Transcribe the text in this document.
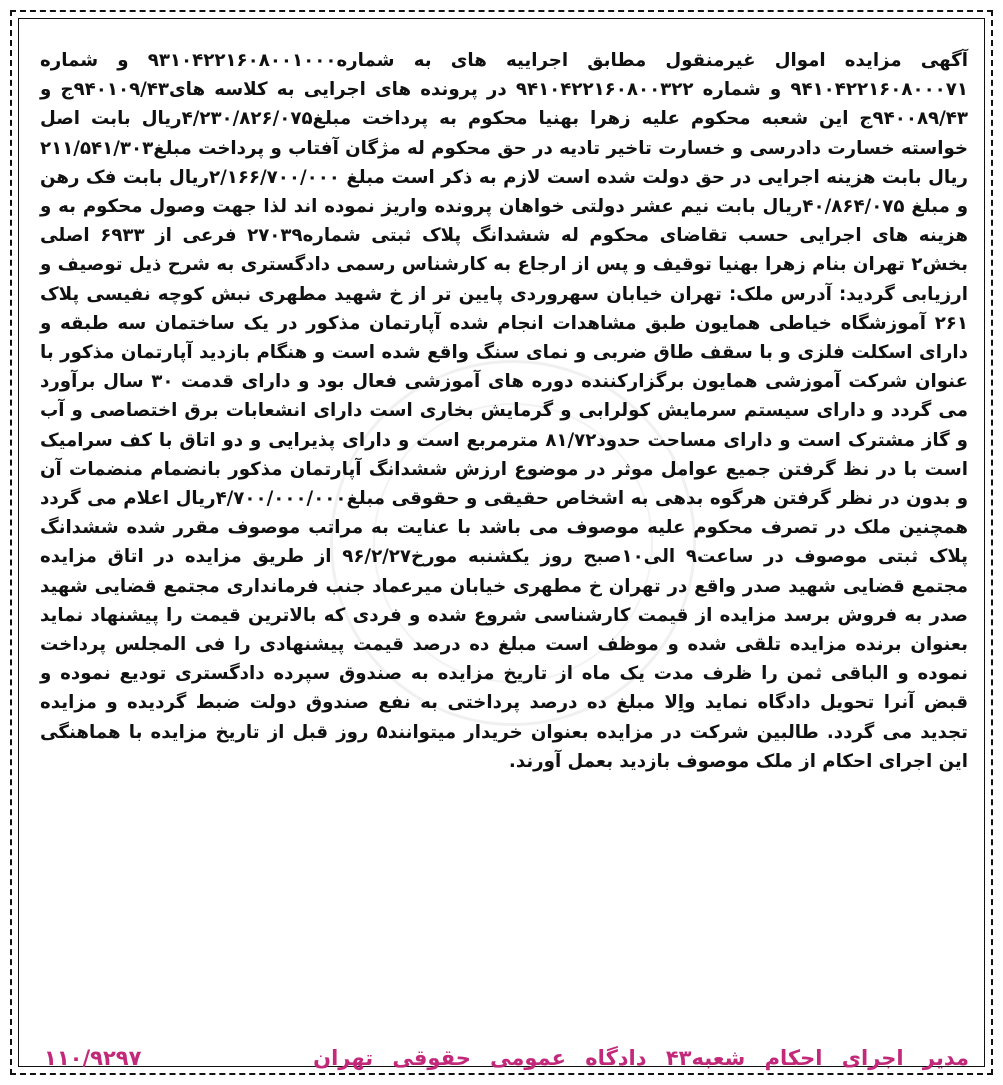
آگهی مزایده اموال غیرمنقول مطابق اجراییه های به شماره۹۳۱۰۴۲۲۱۶۰۸۰۰۱۰۰۰ و شماره ۹۴۱۰۴۲۲۱۶۰۸۰۰۰۷۱ و شماره ۹۴۱۰۴۲۲۱۶۰۸۰۰۳۲۲ در پرونده های اجرایی به کلاسه های۹۴۰۱۰۹/۴۳ج و ۹۴۰۰۸۹/۴۳ج این شعبه محکوم علیه زهرا بهنیا محکوم به پرداخت مبلغ۴/۲۳۰/۸۲۶/۰۷۵ریال بابت اصل خواسته خسارت دادرسی و خسارت تاخیر تادیه در حق محکوم له مژگان آفتاب و پرداخت مبلغ۲۱۱/۵۴۱/۳۰۳ ریال بابت هزینه اجرایی در حق دولت شده است لازم به ذکر است مبلغ ۲/۱۶۶/۷۰۰/۰۰۰ریال بابت فک رهن و مبلغ ۴۰/۸۶۴/۰۷۵ریال بابت نیم عشر دولتی خواهان پرونده واریز نموده اند لذا جهت وصول محکوم به و هزینه های اجرایی حسب تقاضای محکوم له ششدانگ پلاک ثبتی شماره۲۷۰۳۹ فرعی از ۶۹۳۳ اصلی بخش۲ تهران بنام زهرا بهنیا توقیف و پس از ارجاع به کارشناس رسمی دادگستری به شرح ذیل توصیف و ارزیابی گردید: آدرس ملک: تهران خیابان سهروردی پایین تر از خ شهید مطهری نبش کوچه نفیسی پلاک ۲۶۱ آموزشگاه خیاطی همایون طبق مشاهدات انجام شده آپارتمان مذکور در یک ساختمان سه طبقه و دارای اسکلت فلزی و با سقف طاق ضربی و نمای سنگ واقع شده است و هنگام بازدید آپارتمان مذکور با عنوان شرکت آموزشی همایون برگزارکننده دوره های آموزشی فعال بود و دارای قدمت ۳۰ سال برآورد می گردد و دارای سیستم سرمایش کولرابی و گرمایش بخاری است دارای انشعابات برق اختصاصی و آب و گاز مشترک است و دارای مساحت حدود۸۱/۷۲ مترمربع است و دارای پذیرایی و دو اتاق با کف سرامیک است با در نظ گرفتن جمیع عوامل موثر در موضوع ارزش ششدانگ آپارتمان مذکور بانضمام منضمات آن و بدون در نظر گرفتن هرگوه بدهی به اشخاص حقیقی و حقوقی مبلغ۴/۷۰۰/۰۰۰/۰۰۰ریال اعلام می گردد همچنین ملک در تصرف محکوم علیه موصوف می باشد با عنایت به مراتب موصوف مقرر شده ششدانگ پلاک ثبتی موصوف در ساعت۹ الی۱۰صبح روز یکشنبه مورخ۹۶/۲/۲۷ از طریق مزایده در اتاق مزایده مجتمع قضایی شهید صدر واقع در تهران خ مطهری خیابان میرعماد جنب فرمانداری مجتمع قضایی شهید صدر به فروش برسد مزایده از قیمت کارشناسی شروع شده و فردی که بالاترین قیمت را پیشنهاد نماید بعنوان برنده مزایده تلقی شده و موظف است مبلغ ده درصد قیمت پیشنهادی را فی المجلس پرداخت نموده و الباقی ثمن را ظرف مدت یک ماه از تاریخ مزایده به صندوق سپرده دادگستری تودیع نموده و قبض آنرا تحویل دادگاه نماید واِلا مبلغ ده درصد پرداختی به نفع صندوق دولت ضبط گردیده و مزایده تجدید می گردد. طالبین شرکت در مزایده بعنوان خریدار میتوانند۵ روز قبل از تاریخ مزایده با هماهنگی این اجرای احکام از ملک موصوف بازدید بعمل آورند.

مدیر اجرای احکام شعبه۴۳ دادگاه عمومی حقوقی تهران
۱۱۰/۹۲۹۷
